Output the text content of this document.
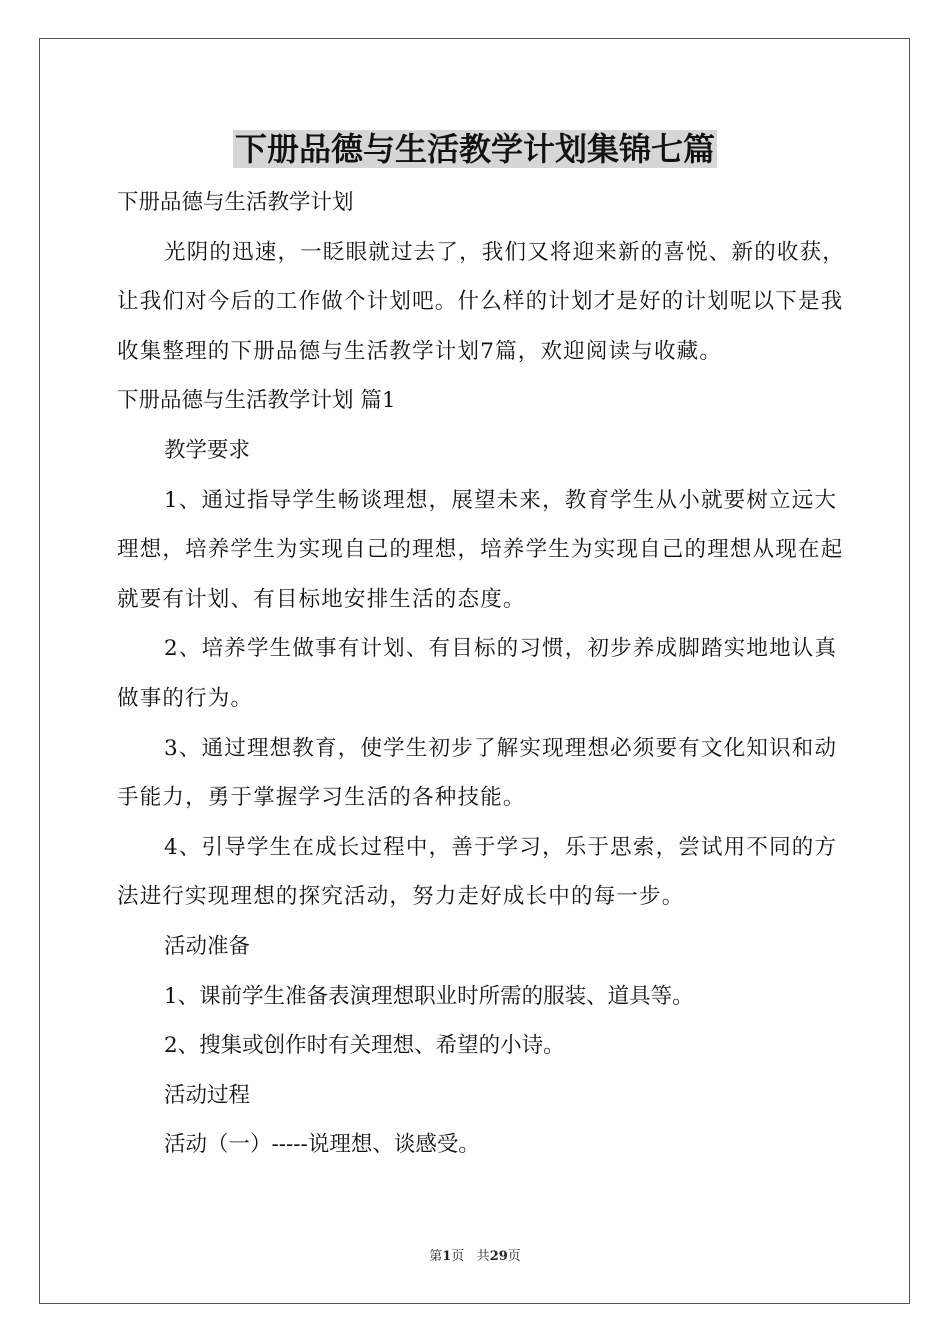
下册品德与生活教学计划集锦七篇

下册品德与生活教学计划

光阴的迅速，一眨眼就过去了，我们又将迎来新的喜悦、新的收获，让我们对今后的工作做个计划吧。什么样的计划才是好的计划呢以下是我收集整理的下册品德与生活教学计划7篇，欢迎阅读与收藏。

下册品德与生活教学计划 篇1

教学要求

1、通过指导学生畅谈理想，展望未来，教育学生从小就要树立远大理想，培养学生为实现自己的理想，培养学生为实现自己的理想从现在起就要有计划、有目标地安排生活的态度。

2、培养学生做事有计划、有目标的习惯，初步养成脚踏实地地认真做事的行为。

3、通过理想教育，使学生初步了解实现理想必须要有文化知识和动手能力，勇于掌握学习生活的各种技能。

4、引导学生在成长过程中，善于学习，乐于思索，尝试用不同的方法进行实现理想的探究活动，努力走好成长中的每一步。

活动准备

1、课前学生准备表演理想职业时所需的服装、道具等。

2、搜集或创作时有关理想、希望的小诗。

活动过程

活动（一）-----说理想、谈感受。

第1页 共29页
